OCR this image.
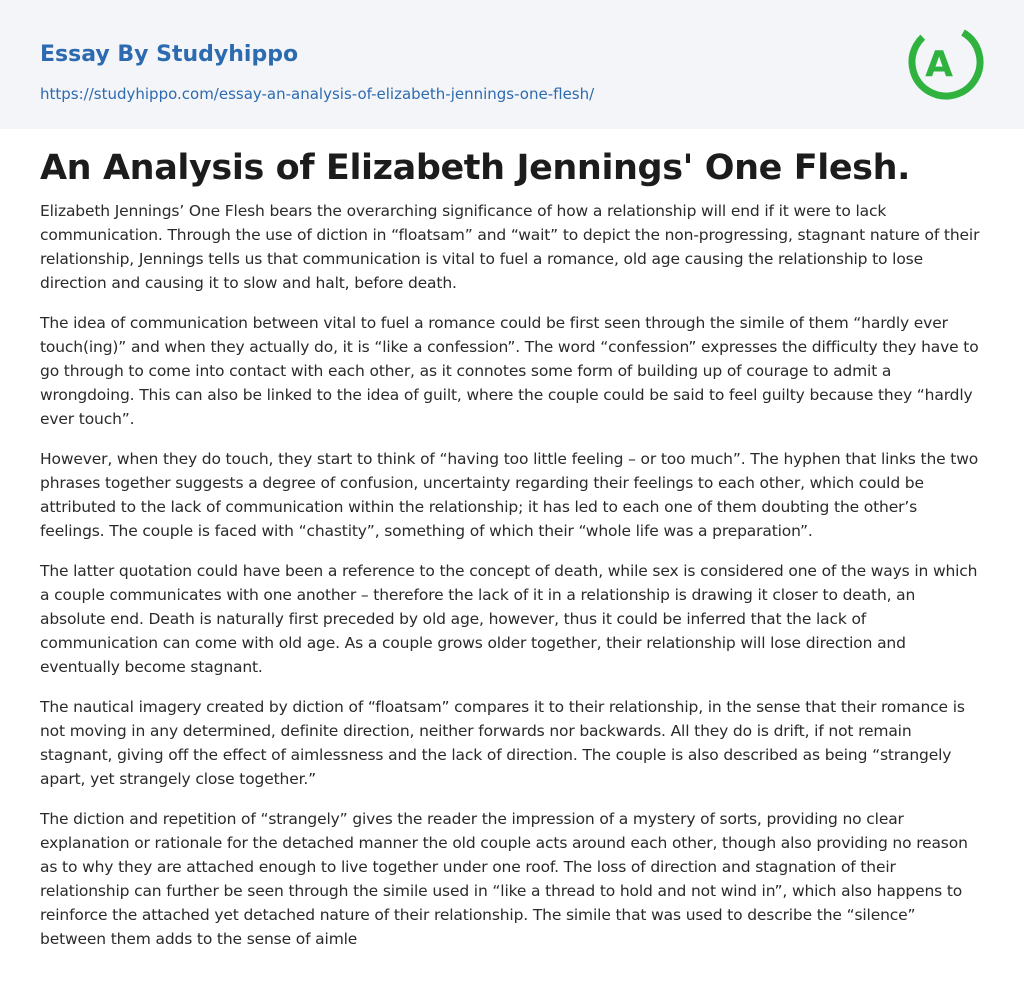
Essay By Studyhippo
https://studyhippo.com/essay-an-analysis-of-elizabeth-jennings-one-flesh/
A
An Analysis of Elizabeth Jennings' One Flesh.

Elizabeth Jennings’ One Flesh bears the overarching significance of how a relationship will end if it were to lack communication. Through the use of diction in “floatsam” and “wait” to depict the non-progressing, stagnant nature of their relationship, Jennings tells us that communication is vital to fuel a romance, old age causing the relationship to lose direction and causing it to slow and halt, before death.

The idea of communication between vital to fuel a romance could be first seen through the simile of them “hardly ever touch(ing)” and when they actually do, it is “like a confession”. The word “confession” expresses the difficulty they have to go through to come into contact with each other, as it connotes some form of building up of courage to admit a wrongdoing. This can also be linked to the idea of guilt, where the couple could be said to feel guilty because they “hardly ever touch”.

However, when they do touch, they start to think of “having too little feeling – or too much”. The hyphen that links the two phrases together suggests a degree of confusion, uncertainty regarding their feelings to each other, which could be attributed to the lack of communication within the relationship; it has led to each one of them doubting the other’s feelings. The couple is faced with “chastity”, something of which their “whole life was a preparation”.

The latter quotation could have been a reference to the concept of death, while sex is considered one of the ways in which a couple communicates with one another – therefore the lack of it in a relationship is drawing it closer to death, an absolute end. Death is naturally first preceded by old age, however, thus it could be inferred that the lack of communication can come with old age. As a couple grows older together, their relationship will lose direction and eventually become stagnant.

The nautical imagery created by diction of “floatsam” compares it to their relationship, in the sense that their romance is not moving in any determined, definite direction, neither forwards nor backwards. All they do is drift, if not remain stagnant, giving off the effect of aimlessness and the lack of direction. The couple is also described as being “strangely apart, yet strangely close together.”

The diction and repetition of “strangely” gives the reader the impression of a mystery of sorts, providing no clear explanation or rationale for the detached manner the old couple acts around each other, though also providing no reason as to why they are attached enough to live together under one roof. The loss of direction and stagnation of their relationship can further be seen through the simile used in “like a thread to hold and not wind in”, which also happens to reinforce the attached yet detached nature of their relationship. The simile that was used to describe the “silence” between them adds to the sense of aimle
